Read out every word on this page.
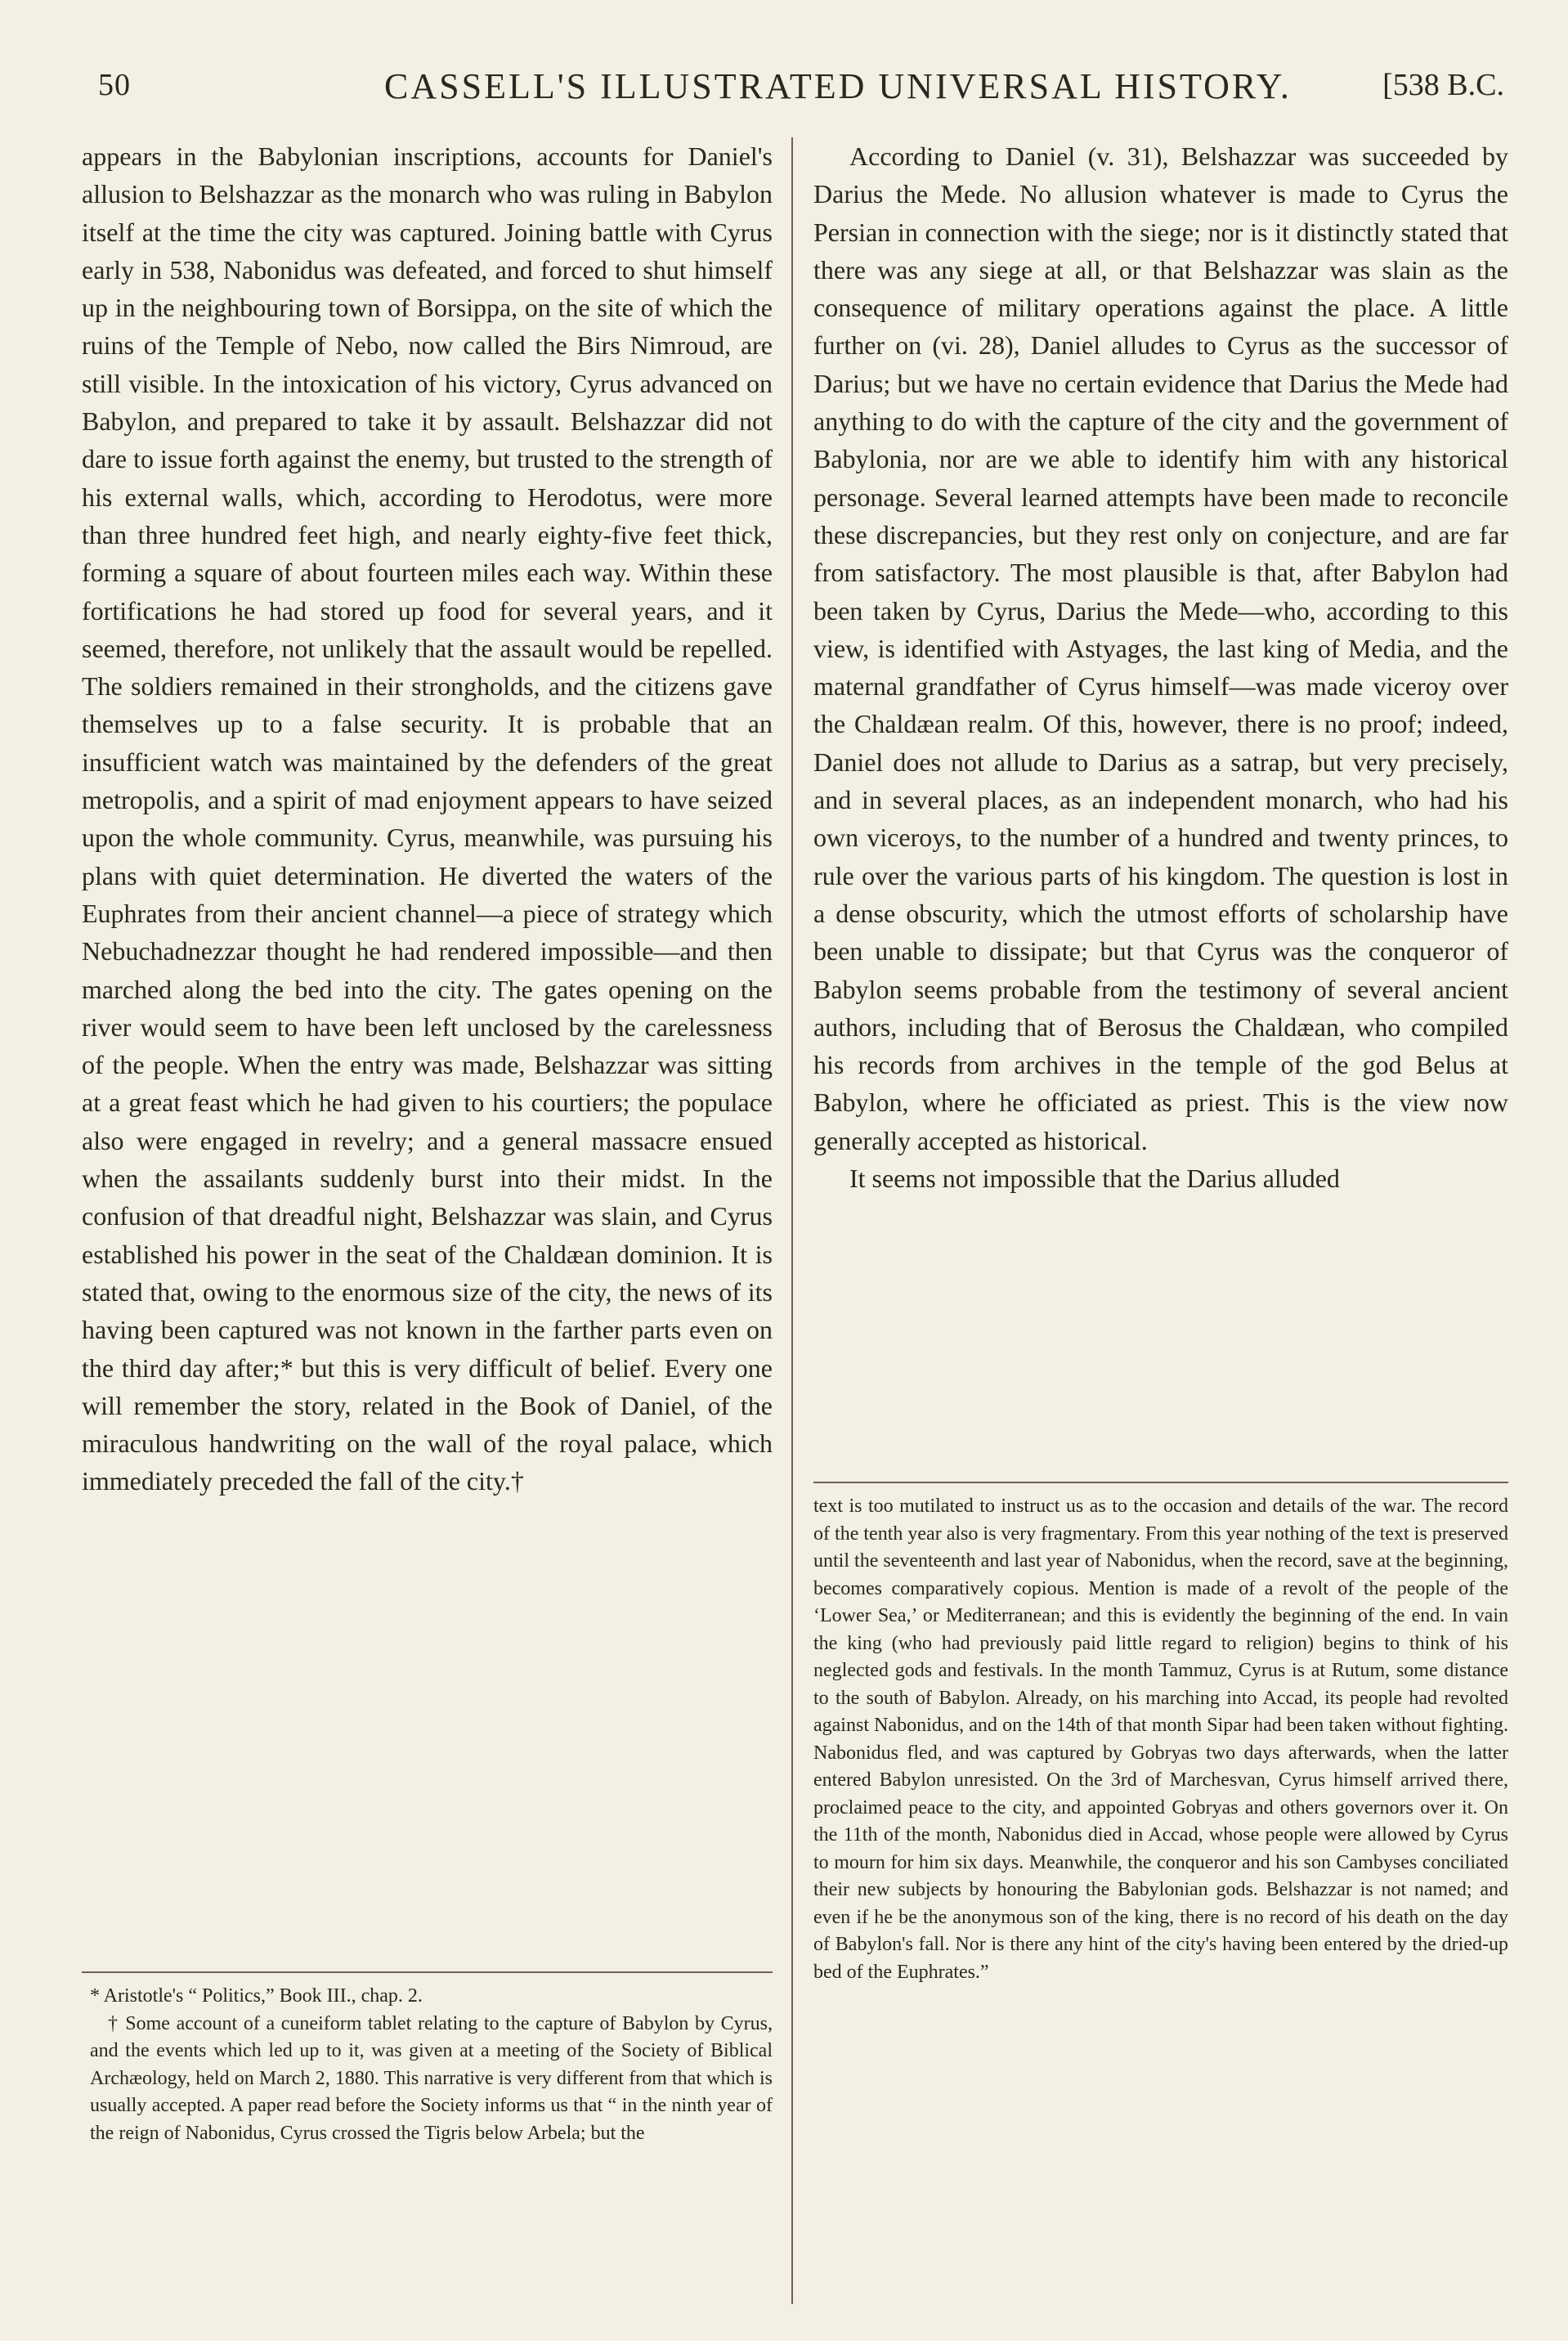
50	CASSELL'S ILLUSTRATED UNIVERSAL HISTORY.	[538 B.C.

appears in the Babylonian inscriptions, accounts for Daniel's allusion to Belshazzar as the monarch who was ruling in Babylon itself at the time the city was captured. Joining battle with Cyrus early in 538, Nabonidus was defeated, and forced to shut himself up in the neighbouring town of Borsippa, on the site of which the ruins of the Temple of Nebo, now called the Birs Nimroud, are still visible. In the intoxication of his victory, Cyrus advanced on Babylon, and prepared to take it by assault. Belshazzar did not dare to issue forth against the enemy, but trusted to the strength of his external walls, which, according to Herodotus, were more than three hundred feet high, and nearly eighty-five feet thick, forming a square of about fourteen miles each way. Within these fortifications he had stored up food for several years, and it seemed, therefore, not unlikely that the assault would be repelled. The soldiers remained in their strongholds, and the citizens gave themselves up to a false security. It is probable that an insufficient watch was maintained by the defenders of the great metropolis, and a spirit of mad enjoyment appears to have seized upon the whole community. Cyrus, meanwhile, was pursuing his plans with quiet determination. He diverted the waters of the Euphrates from their ancient channel—a piece of strategy which Nebuchadnezzar thought he had rendered impossible—and then marched along the bed into the city. The gates opening on the river would seem to have been left unclosed by the carelessness of the people. When the entry was made, Belshazzar was sitting at a great feast which he had given to his courtiers; the populace also were engaged in revelry; and a general massacre ensued when the assailants suddenly burst into their midst. In the confusion of that dreadful night, Belshazzar was slain, and Cyrus established his power in the seat of the Chaldæan dominion. It is stated that, owing to the enormous size of the city, the news of its having been captured was not known in the farther parts even on the third day after;* but this is very difficult of belief. Every one will remember the story, related in the Book of Daniel, of the miraculous handwriting on the wall of the royal palace, which immediately preceded the fall of the city.†

According to Daniel (v. 31), Belshazzar was succeeded by Darius the Mede. No allusion whatever is made to Cyrus the Persian in connection with the siege; nor is it distinctly stated that there was any siege at all, or that Belshazzar was slain as the consequence of military operations against the place. A little further on (vi. 28), Daniel alludes to Cyrus as the successor of Darius; but we have no certain evidence that Darius the Mede had anything to do with the capture of the city and the government of Babylonia, nor are we able to identify him with any historical personage. Several learned attempts have been made to reconcile these discrepancies, but they rest only on conjecture, and are far from satisfactory. The most plausible is that, after Babylon had been taken by Cyrus, Darius the Mede—who, according to this view, is identified with Astyages, the last king of Media, and the maternal grandfather of Cyrus himself—was made viceroy over the Chaldæan realm. Of this, however, there is no proof; indeed, Daniel does not allude to Darius as a satrap, but very precisely, and in several places, as an independent monarch, who had his own viceroys, to the number of a hundred and twenty princes, to rule over the various parts of his kingdom. The question is lost in a dense obscurity, which the utmost efforts of scholarship have been unable to dissipate; but that Cyrus was the conqueror of Babylon seems probable from the testimony of several ancient authors, including that of Berosus the Chaldæan, who compiled his records from archives in the temple of the god Belus at Babylon, where he officiated as priest. This is the view now generally accepted as historical.

It seems not impossible that the Darius alluded

text is too mutilated to instruct us as to the occasion and details of the war. The record of the tenth year also is very fragmentary. From this year nothing of the text is preserved until the seventeenth and last year of Nabonidus, when the record, save at the beginning, becomes comparatively copious. Mention is made of a revolt of the people of the ‘Lower Sea,’ or Mediterranean; and this is evidently the beginning of the end. In vain the king (who had previously paid little regard to religion) begins to think of his neglected gods and festivals. In the month Tammuz, Cyrus is at Rutum, some distance to the south of Babylon. Already, on his marching into Accad, its people had revolted against Nabonidus, and on the 14th of that month Sipar had been taken without fighting. Nabonidus fled, and was captured by Gobryas two days afterwards, when the latter entered Babylon unresisted. On the 3rd of Marchesvan, Cyrus himself arrived there, proclaimed peace to the city, and appointed Gobryas and others governors over it. On the 11th of the month, Nabonidus died in Accad, whose people were allowed by Cyrus to mourn for him six days. Meanwhile, the conqueror and his son Cambyses conciliated their new subjects by honouring the Babylonian gods. Belshazzar is not named; and even if he be the anonymous son of the king, there is no record of his death on the day of Babylon's fall. Nor is there any hint of the city's having been entered by the dried-up bed of the Euphrates.”

* Aristotle's “ Politics,” Book III., chap. 2.

† Some account of a cuneiform tablet relating to the capture of Babylon by Cyrus, and the events which led up to it, was given at a meeting of the Society of Biblical Archæology, held on March 2, 1880. This narrative is very different from that which is usually accepted. A paper read before the Society informs us that “ in the ninth year of the reign of Nabonidus, Cyrus crossed the Tigris below Arbela; but the
